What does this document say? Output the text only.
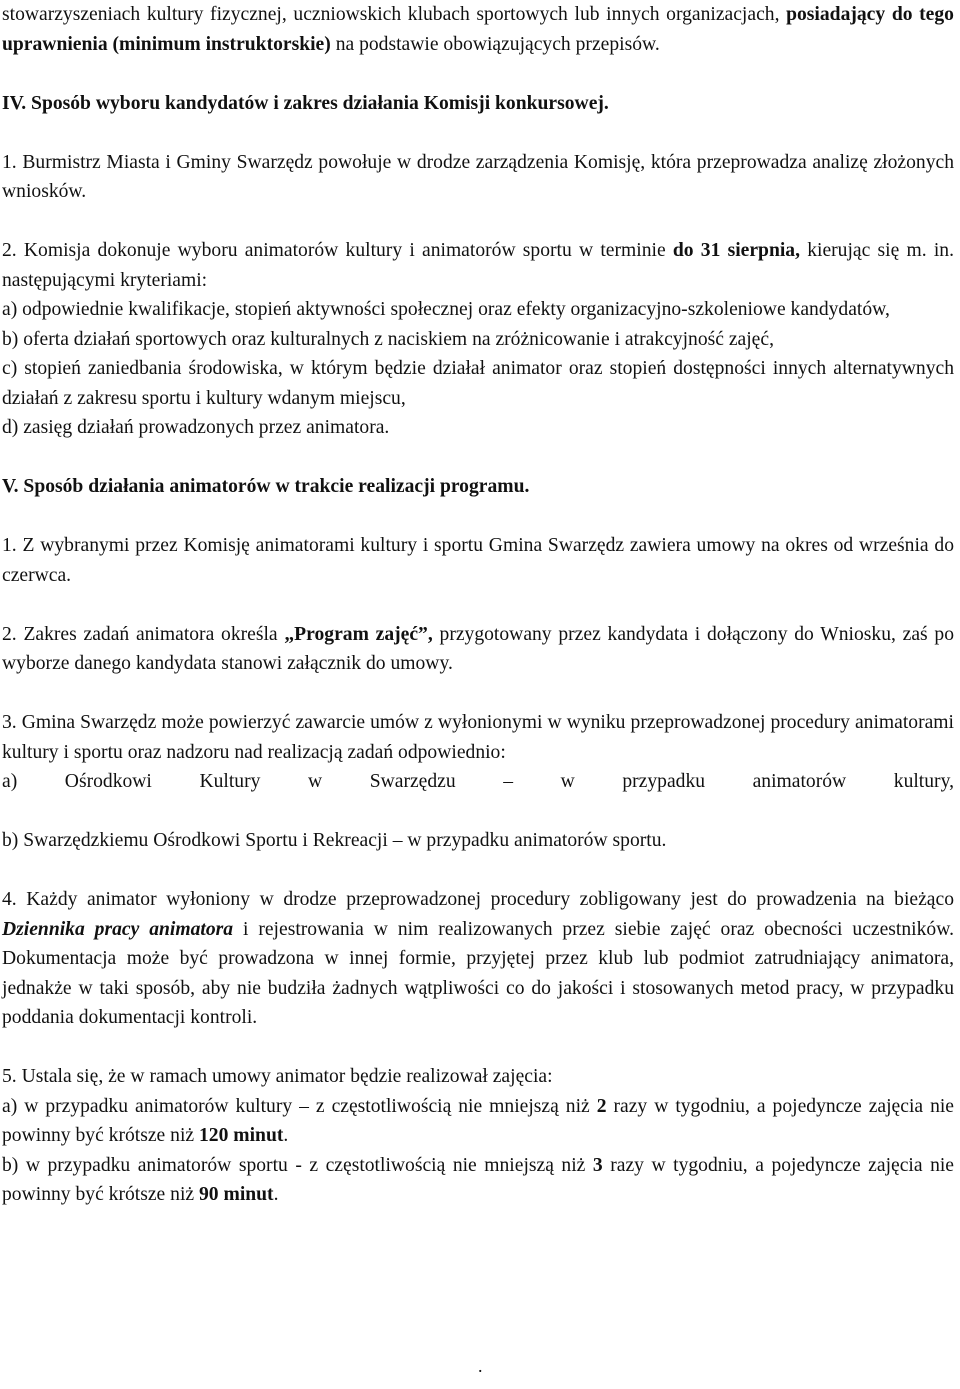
stowarzyszeniach kultury fizycznej, uczniowskich klubach sportowych lub innych organizacjach, posiadający do tego uprawnienia (minimum instruktorskie) na podstawie obowiązujących przepisów.

IV. Sposób wyboru kandydatów i zakres działania Komisji konkursowej.

1. Burmistrz Miasta i Gminy Swarzędz powołuje w drodze zarządzenia Komisję, która przeprowadza analizę złożonych wniosków.

2. Komisja dokonuje wyboru animatorów kultury i animatorów sportu w terminie do 31 sierpnia, kierując się m. in. następującymi kryteriami:

a) odpowiednie kwalifikacje, stopień aktywności społecznej oraz efekty organizacyjno-szkoleniowe kandydatów,

b) oferta działań sportowych oraz kulturalnych z naciskiem na zróżnicowanie i atrakcyjność zajęć,

c) stopień zaniedbania środowiska, w którym będzie działał animator oraz stopień dostępności innych alternatywnych działań z zakresu sportu i kultury wdanym miejscu,

d) zasięg działań prowadzonych przez animatora.

V. Sposób działania animatorów w trakcie realizacji programu.

1. Z wybranymi przez Komisję animatorami kultury i sportu Gmina Swarzędz zawiera umowy na okres od września do czerwca.

2. Zakres zadań animatora określa „Program zajęć”, przygotowany przez kandydata i dołączony do Wniosku, zaś po wyborze danego kandydata stanowi załącznik do umowy.

3. Gmina Swarzędz może powierzyć zawarcie umów z wyłonionymi w wyniku przeprowadzonej procedury animatorami kultury i sportu oraz nadzoru nad realizacją zadań odpowiednio:

a) Ośrodkowi Kultury w Swarzędzu – w przypadku animatorów kultury,

b) Swarzędzkiemu Ośrodkowi Sportu i Rekreacji – w przypadku animatorów sportu.

4. Każdy animator wyłoniony w drodze przeprowadzonej procedury zobligowany jest do prowadzenia na bieżąco Dziennika pracy animatora i rejestrowania w nim realizowanych przez siebie zajęć oraz obecności uczestników. Dokumentacja może być prowadzona w innej formie, przyjętej przez klub lub podmiot zatrudniający animatora, jednakże w taki sposób, aby nie budziła żadnych wątpliwości co do jakości i stosowanych metod pracy, w przypadku poddania dokumentacji kontroli.

5. Ustala się, że w ramach umowy animator będzie realizował zajęcia:

a) w przypadku animatorów kultury – z częstotliwością nie mniejszą niż 2 razy w tygodniu, a pojedyncze zajęcia nie powinny być krótsze niż 120 minut.

b) w przypadku animatorów sportu - z częstotliwością nie mniejszą niż 3 razy w tygodniu, a pojedyncze zajęcia nie powinny być krótsze niż 90 minut.

.
